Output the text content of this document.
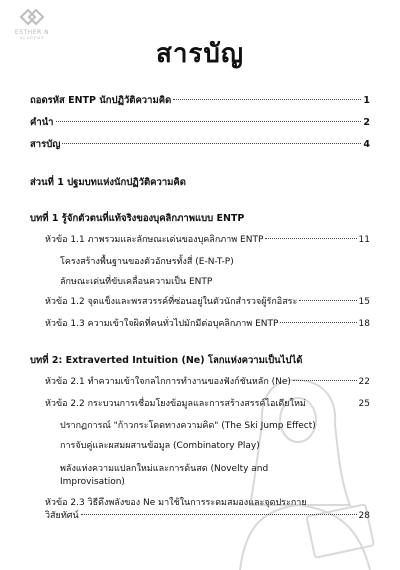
ESTHER N
ACADEMY
สารบัญ
ถอดรหัส ENTP นักปฏิวัติความคิด	1
คำนำ	2
สารบัญ	4
ส่วนที่ 1 ปฐมบทแห่งนักปฏิวัติความคิด
บทที่ 1 รู้จักตัวตนที่แท้จริงของบุคลิกภาพแบบ ENTP
หัวข้อ 1.1 ภาพรวมและลักษณะเด่นของบุคลิกภาพ ENTP	11
โครงสร้างพื้นฐานของตัวอักษรทั้งสี่ (E-N-T-P)
ลักษณะเด่นที่ขับเคลื่อนความเป็น ENTP
หัวข้อ 1.2 จุดแข็งและพรสวรรค์ที่ซ่อนอยู่ในตัวนักสำรวจผู้รักอิสระ	15
หัวข้อ 1.3 ความเข้าใจผิดที่คนทั่วไปมักมีต่อบุคลิกภาพ ENTP	18
บทที่ 2: Extraverted Intuition (Ne) โลกแห่งความเป็นไปได้
หัวข้อ 2.1 ทำความเข้าใจกลไกการทำงานของฟังก์ชันหลัก (Ne)	22
หัวข้อ 2.2 กระบวนการเชื่อมโยงข้อมูลและการสร้างสรรค์ไอเดียใหม่	25
ปรากฏการณ์ "ก้าวกระโดดทางความคิด" (The Ski Jump Effect)
การจับคู่และผสมผสานข้อมูล (Combinatory Play)
พลังแห่งความแปลกใหม่และการด้นสด (Novelty and
Improvisation)
หัวข้อ 2.3 วิธีดึงพลังของ Ne มาใช้ในการระดมสมองและจุดประกาย
วิสัยทัศน์	28
